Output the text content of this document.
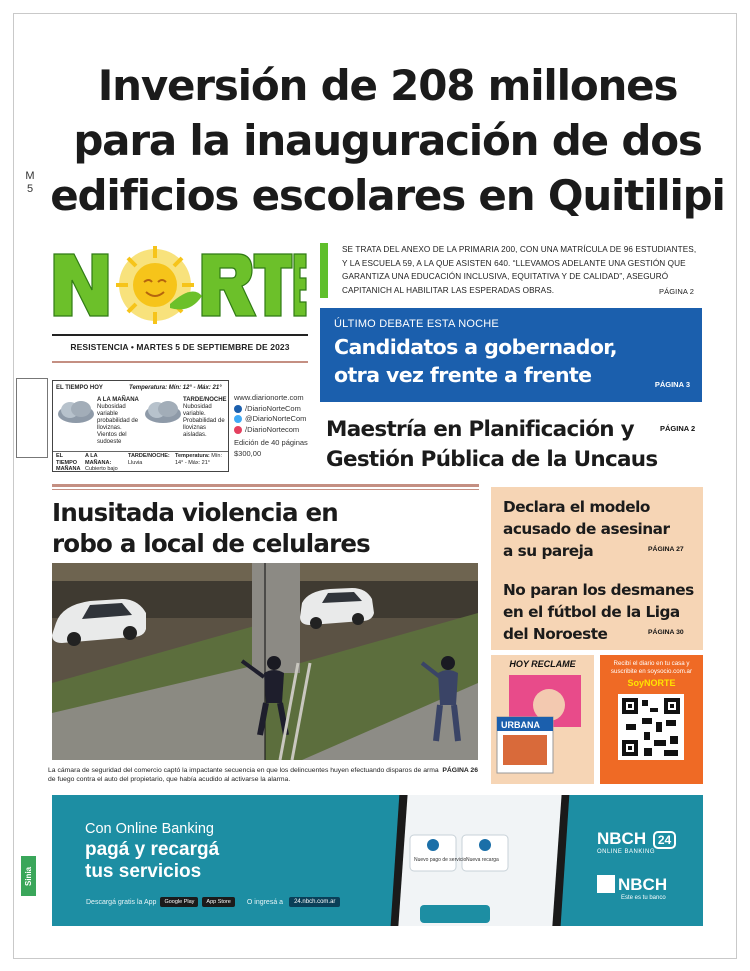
Inversión de 208 millones
para la inauguración de dos
edificios escolares en Quitilipi
M
5
RESISTENCIA • MARTES 5 DE SEPTIEMBRE DE 2023
EL TIEMPO HOY	Temperatura: Mín: 12° - Máx: 21°
A LA MAÑANA
Nubosidad variable probabilidad de lloviznas. Vientos del sudoeste
TARDE/NOCHE
Nubosidad variable. Probabilidad de lloviznas aisladas.
EL TIEMPO MAÑANA
A LA MAÑANA: Cubierto bajo
TARDE/NOCHE: Lluvia
Temperatura: Mín: 14° - Máx: 21°
www.diarionorte.com
/DiarioNorteCom
@DiarioNorteCom
/DiarioNortecom
Edición de 40 páginas
$300,00
SE TRATA DEL ANEXO DE LA PRIMARIA 200, CON UNA MATRÍCULA DE 96 ESTUDIANTES, Y LA ESCUELA 59, A LA QUE ASISTEN 640. “LLEVAMOS ADELANTE UNA GESTIÓN QUE GARANTIZA UNA EDUCACIÓN INCLUSIVA, EQUITATIVA Y DE CALIDAD”, ASEGURÓ CAPITANICH AL HABILITAR LAS ESPERADAS OBRAS.	PÁGINA 2
ÚLTIMO DEBATE ESTA NOCHE
Candidatos a gobernador,
otra vez frente a frente	PÁGINA 3
Maestría en Planificación y
Gestión Pública de la Uncaus
PÁGINA 2
Inusitada violencia en
robo a local de celulares
PÁGINA 26
La cámara de seguridad del comercio captó la impactante secuencia en que los delincuentes huyen efectuando disparos de arma de fuego contra el auto del propietario, que había acudido al activarse la alarma.
Declara el modelo
acusado de asesinar
a su pareja	PÁGINA 27
No paran los desmanes
en el fútbol de la Liga
del Noroeste	PÁGINA 30
HOY RECLAME
URBANA
Recibí el diario en tu casa y suscribite en soysocio.com.ar
SoyNORTE
Con Online Banking
pagá y recargá
tus servicios
Descargá gratis la App	Google Play	App Store	O ingresá a	24.nbch.com.ar
Nuevo pago de servicio Nueva recarga
NBCH 24
ONLINE BANKING
NBCH
Este es tu banco
Sinia
